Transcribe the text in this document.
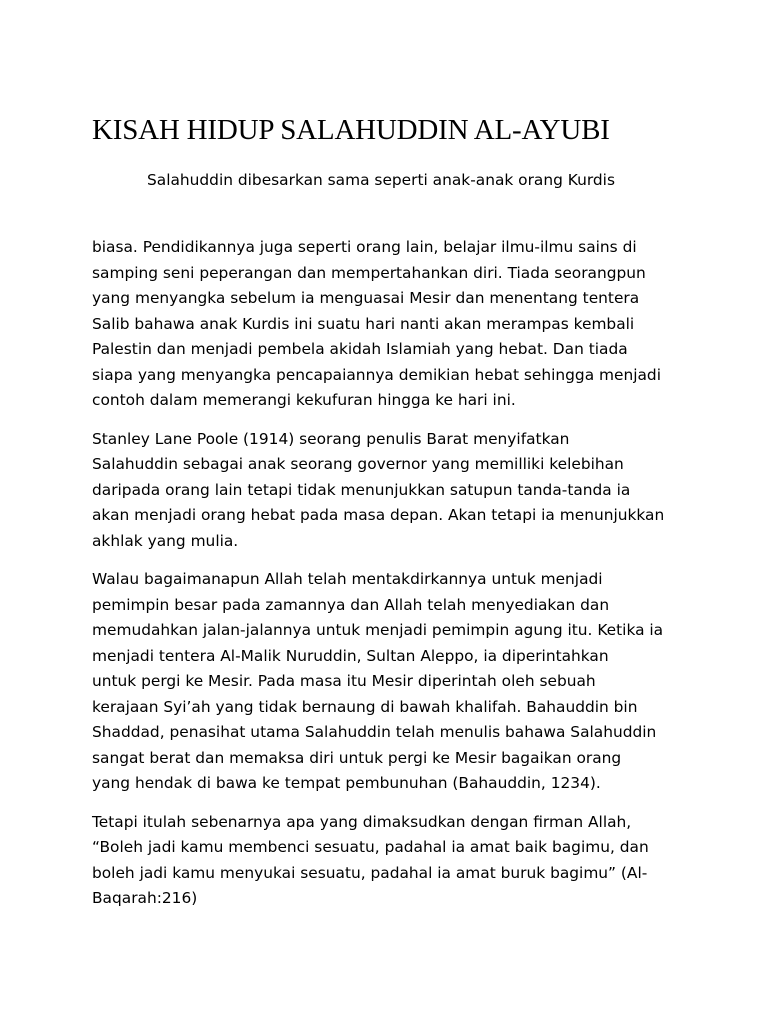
KISAH HIDUP SALAHUDDIN AL-AYUBI

Salahuddin dibesarkan sama seperti anak-anak orang Kurdis

biasa. Pendidikannya juga seperti orang lain, belajar ilmu-ilmu sains di
samping seni peperangan dan mempertahankan diri. Tiada seorangpun
yang menyangka sebelum ia menguasai Mesir dan menentang tentera
Salib bahawa anak Kurdis ini suatu hari nanti akan merampas kembali
Palestin dan menjadi pembela akidah Islamiah yang hebat. Dan tiada
siapa yang menyangka pencapaiannya demikian hebat sehingga menjadi
contoh dalam memerangi kekufuran hingga ke hari ini.

Stanley Lane Poole (1914) seorang penulis Barat menyifatkan
Salahuddin sebagai anak seorang governor yang memilliki kelebihan
daripada orang lain tetapi tidak menunjukkan satupun tanda-tanda ia
akan menjadi orang hebat pada masa depan. Akan tetapi ia menunjukkan
akhlak yang mulia.

Walau bagaimanapun Allah telah mentakdirkannya untuk menjadi
pemimpin besar pada zamannya dan Allah telah menyediakan dan
memudahkan jalan-jalannya untuk menjadi pemimpin agung itu. Ketika ia
menjadi tentera Al-Malik Nuruddin, Sultan Aleppo, ia diperintahkan
untuk pergi ke Mesir. Pada masa itu Mesir diperintah oleh sebuah
kerajaan Syi’ah yang tidak bernaung di bawah khalifah. Bahauddin bin
Shaddad, penasihat utama Salahuddin telah menulis bahawa Salahuddin
sangat berat dan memaksa diri untuk pergi ke Mesir bagaikan orang
yang hendak di bawa ke tempat pembunuhan (Bahauddin, 1234).

Tetapi itulah sebenarnya apa yang dimaksudkan dengan firman Allah,
“Boleh jadi kamu membenci sesuatu, padahal ia amat baik bagimu, dan
boleh jadi kamu menyukai sesuatu, padahal ia amat buruk bagimu” (Al-
Baqarah:216)
